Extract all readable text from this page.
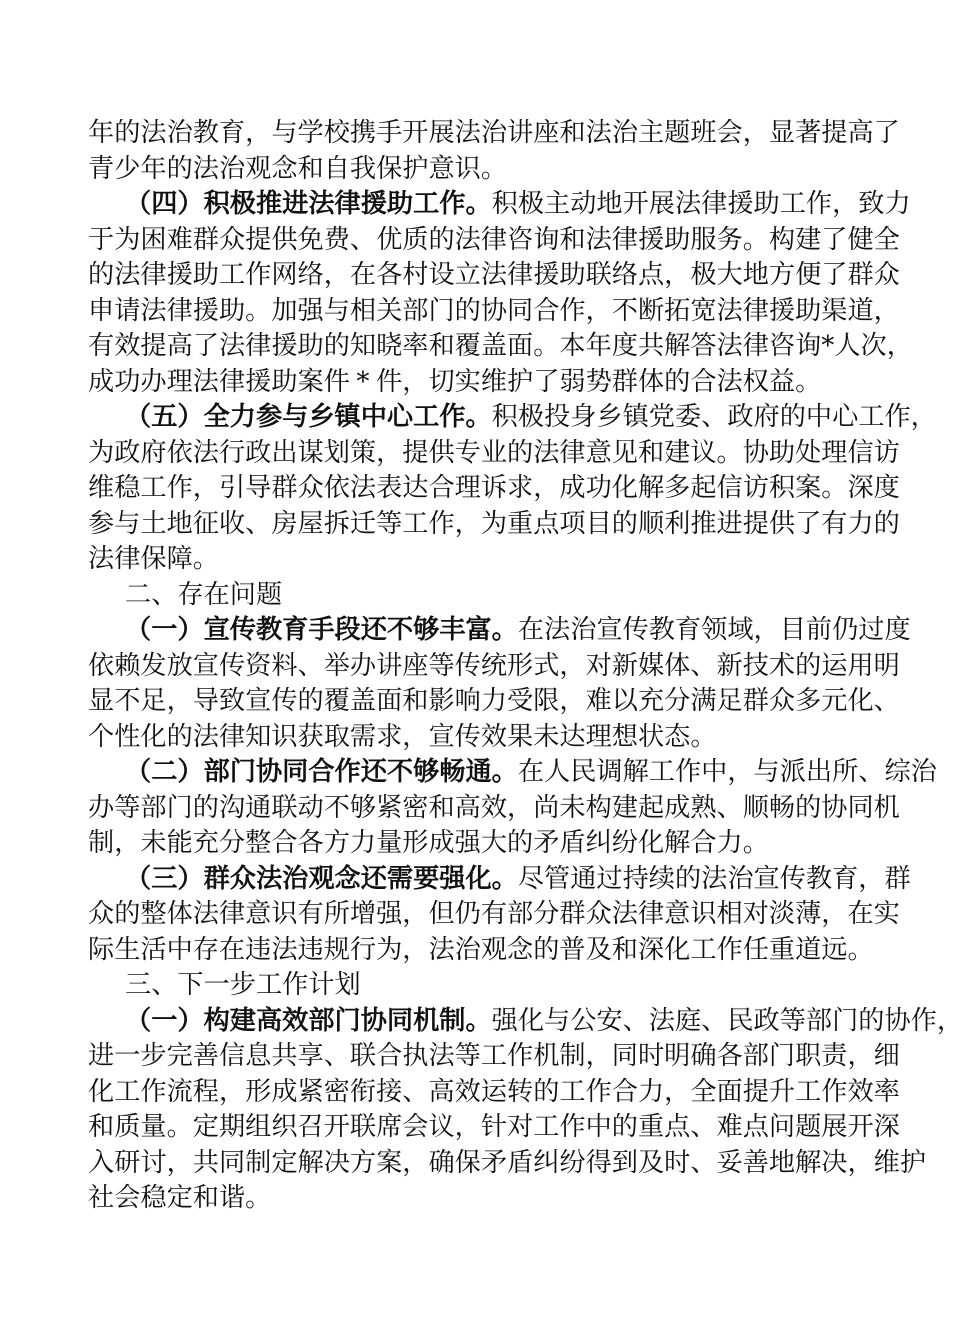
年 的 法 治 教 育 ， 与 学 校 携 手 开 展 法 治 讲 座 和 法 治 主 题 班 会 ， 显 著 提 高 了
青 少 年 的 法 治 观 念 和 自 我 保 护 意 识 。
（ 四 ） 积 极 推 进 法 律 援 助 工 作 。 积 极 主 动 地 开 展 法 律 援 助 工 作 ， 致 力
于 为 困 难 群 众 提 供 免 费 、 优 质 的 法 律 咨 询 和 法 律 援 助 服 务 。 构 建 了 健 全
的 法 律 援 助 工 作 网 络 ， 在 各 村 设 立 法 律 援 助 联 络 点 ， 极 大 地 方 便 了 群 众
申 请 法 律 援 助 。 加 强 与 相 关 部 门 的 协 同 合 作 ， 不 断 拓 宽 法 律 援 助 渠 道 ，
有 效 提 高 了 法 律 援 助 的 知 晓 率 和 覆 盖 面 。 本 年 度 共 解 答 法 律 咨 询 * 人 次 ，
成 功 办 理 法 律 援 助 案 件 * 件 ， 切 实 维 护 了 弱 势 群 体 的 合 法 权 益 。
（ 五 ） 全 力 参 与 乡 镇 中 心 工 作 。 积 极 投 身 乡 镇 党 委 、 政 府 的 中 心 工 作 ，
为 政 府 依 法 行 政 出 谋 划 策 ， 提 供 专 业 的 法 律 意 见 和 建 议 。 协 助 处 理 信 访
维 稳 工 作 ， 引 导 群 众 依 法 表 达 合 理 诉 求 ， 成 功 化 解 多 起 信 访 积 案 。 深 度
参 与 土 地 征 收 、 房 屋 拆 迁 等 工 作 ， 为 重 点 项 目 的 顺 利 推 进 提 供 了 有 力 的
法 律 保 障 。
二 、 存 在 问 题
（ 一 ） 宣 传 教 育 手 段 还 不 够 丰 富 。 在 法 治 宣 传 教 育 领 域 ， 目 前 仍 过 度
依 赖 发 放 宣 传 资 料 、 举 办 讲 座 等 传 统 形 式 ， 对 新 媒 体 、 新 技 术 的 运 用 明
显 不 足 ， 导 致 宣 传 的 覆 盖 面 和 影 响 力 受 限 ， 难 以 充 分 满 足 群 众 多 元 化 、
个 性 化 的 法 律 知 识 获 取 需 求 ， 宣 传 效 果 未 达 理 想 状 态 。
（ 二 ） 部 门 协 同 合 作 还 不 够 畅 通 。 在 人 民 调 解 工 作 中 ， 与 派 出 所 、 综 治
办 等 部 门 的 沟 通 联 动 不 够 紧 密 和 高 效 ， 尚 未 构 建 起 成 熟 、 顺 畅 的 协 同 机
制 ， 未 能 充 分 整 合 各 方 力 量 形 成 强 大 的 矛 盾 纠 纷 化 解 合 力 。
（ 三 ） 群 众 法 治 观 念 还 需 要 强 化 。 尽 管 通 过 持 续 的 法 治 宣 传 教 育 ， 群
众 的 整 体 法 律 意 识 有 所 增 强 ， 但 仍 有 部 分 群 众 法 律 意 识 相 对 淡 薄 ， 在 实
际 生 活 中 存 在 违 法 违 规 行 为 ， 法 治 观 念 的 普 及 和 深 化 工 作 任 重 道 远 。
三 、 下 一 步 工 作 计 划
（ 一 ） 构 建 高 效 部 门 协 同 机 制 。 强 化 与 公 安 、 法 庭 、 民 政 等 部 门 的 协 作 ，
进 一 步 完 善 信 息 共 享 、 联 合 执 法 等 工 作 机 制 ， 同 时 明 确 各 部 门 职 责 ， 细
化 工 作 流 程 ， 形 成 紧 密 衔 接 、 高 效 运 转 的 工 作 合 力 ， 全 面 提 升 工 作 效 率
和 质 量 。 定 期 组 织 召 开 联 席 会 议 ， 针 对 工 作 中 的 重 点 、 难 点 问 题 展 开 深
入 研 讨 ， 共 同 制 定 解 决 方 案 ， 确 保 矛 盾 纠 纷 得 到 及 时 、 妥 善 地 解 决 ， 维 护
社 会 稳 定 和 谐 。
